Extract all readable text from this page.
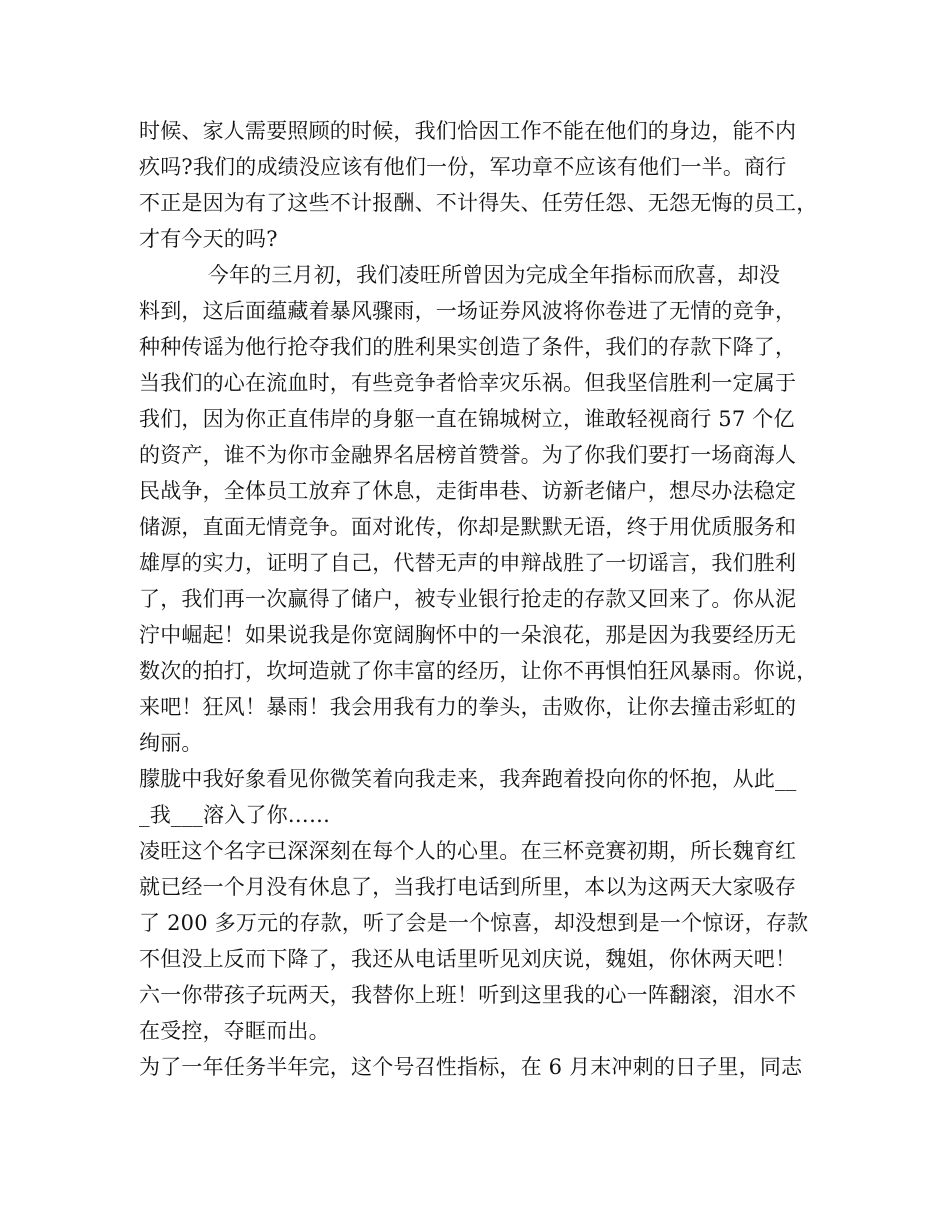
时候、家人需要照顾的时候，我们恰因工作不能在他们的身边，能不内
疚吗?我们的成绩没应该有他们一份，军功章不应该有他们一半。商行
不正是因为有了这些不计报酬、不计得失、任劳任怨、无怨无悔的员工，
才有今天的吗?
今年的三月初，我们凌旺所曾因为完成全年指标而欣喜，却没
料到，这后面蕴藏着暴风骤雨，一场证券风波将你卷进了无情的竞争，
种种传谣为他行抢夺我们的胜利果实创造了条件，我们的存款下降了，
当我们的心在流血时，有些竞争者恰幸灾乐祸。但我坚信胜利一定属于
我们，因为你正直伟岸的身躯一直在锦城树立，谁敢轻视商行 57 个亿
的资产，谁不为你市金融界名居榜首赞誉。为了你我们要打一场商海人
民战争，全体员工放弃了休息，走街串巷、访新老储户，想尽办法稳定
储源，直面无情竞争。面对讹传，你却是默默无语，终于用优质服务和
雄厚的实力，证明了自己，代替无声的申辩战胜了一切谣言，我们胜利
了，我们再一次赢得了储户，被专业银行抢走的存款又回来了。你从泥
泞中崛起！如果说我是你宽阔胸怀中的一朵浪花，那是因为我要经历无
数次的拍打，坎坷造就了你丰富的经历，让你不再惧怕狂风暴雨。你说，
来吧！狂风！暴雨！我会用我有力的拳头，击败你，让你去撞击彩虹的
绚丽。
朦胧中我好象看见你微笑着向我走来，我奔跑着投向你的怀抱，从此__
_我___溶入了你……
凌旺这个名字已深深刻在每个人的心里。在三杯竞赛初期，所长魏育红
就已经一个月没有休息了，当我打电话到所里，本以为这两天大家吸存
了 200 多万元的存款，听了会是一个惊喜，却没想到是一个惊讶，存款
不但没上反而下降了，我还从电话里听见刘庆说，魏姐，你休两天吧！
六一你带孩子玩两天，我替你上班！听到这里我的心一阵翻滚，泪水不
在受控，夺眶而出。
为了一年任务半年完，这个号召性指标，在 6 月末冲刺的日子里，同志
